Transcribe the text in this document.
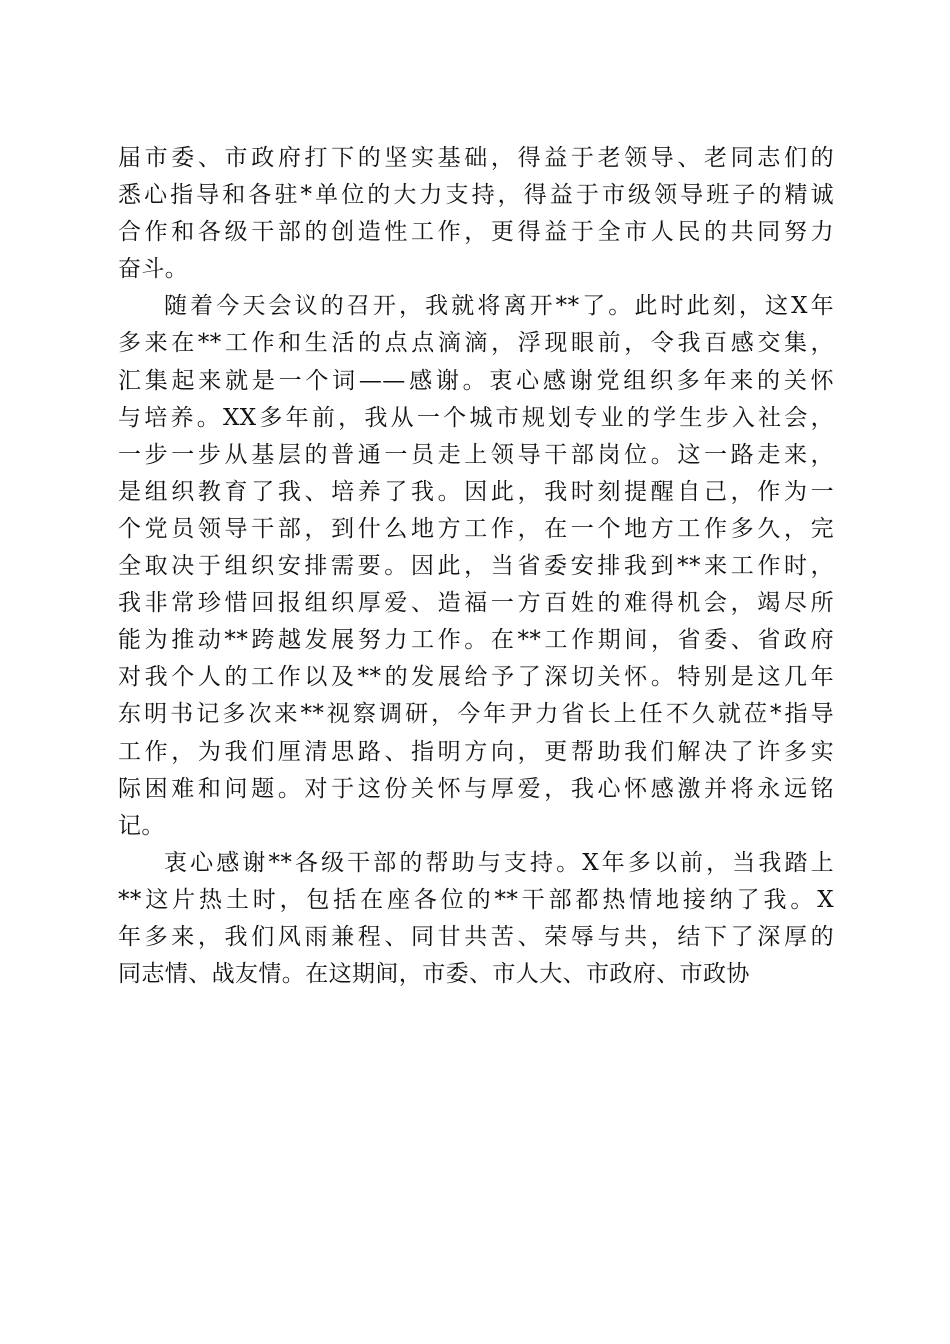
届市委、市政府打下的坚实基础，得益于老领导、老同志们的
悉心指导和各驻*单位的大力支持，得益于市级领导班子的精诚
合作和各级干部的创造性工作，更得益于全市人民的共同努力
奋斗。
随着今天会议的召开，我就将离开**了。此时此刻，这X年
多来在**工作和生活的点点滴滴，浮现眼前，令我百感交集，
汇集起来就是一个词——感谢。衷心感谢党组织多年来的关怀
与培养。XX多年前，我从一个城市规划专业的学生步入社会，
一步一步从基层的普通一员走上领导干部岗位。这一路走来，
是组织教育了我、培养了我。因此，我时刻提醒自己，作为一
个党员领导干部，到什么地方工作，在一个地方工作多久，完
全取决于组织安排需要。因此，当省委安排我到**来工作时，
我非常珍惜回报组织厚爱、造福一方百姓的难得机会，竭尽所
能为推动**跨越发展努力工作。在**工作期间，省委、省政府
对我个人的工作以及**的发展给予了深切关怀。特别是这几年
东明书记多次来**视察调研，今年尹力省长上任不久就莅*指导
工作，为我们厘清思路、指明方向，更帮助我们解决了许多实
际困难和问题。对于这份关怀与厚爱，我心怀感激并将永远铭
记。
衷心感谢**各级干部的帮助与支持。X年多以前，当我踏上
**这片热土时，包括在座各位的**干部都热情地接纳了我。X
年多来，我们风雨兼程、同甘共苦、荣辱与共，结下了深厚的
同志情、战友情。在这期间，市委、市人大、市政府、市政协
